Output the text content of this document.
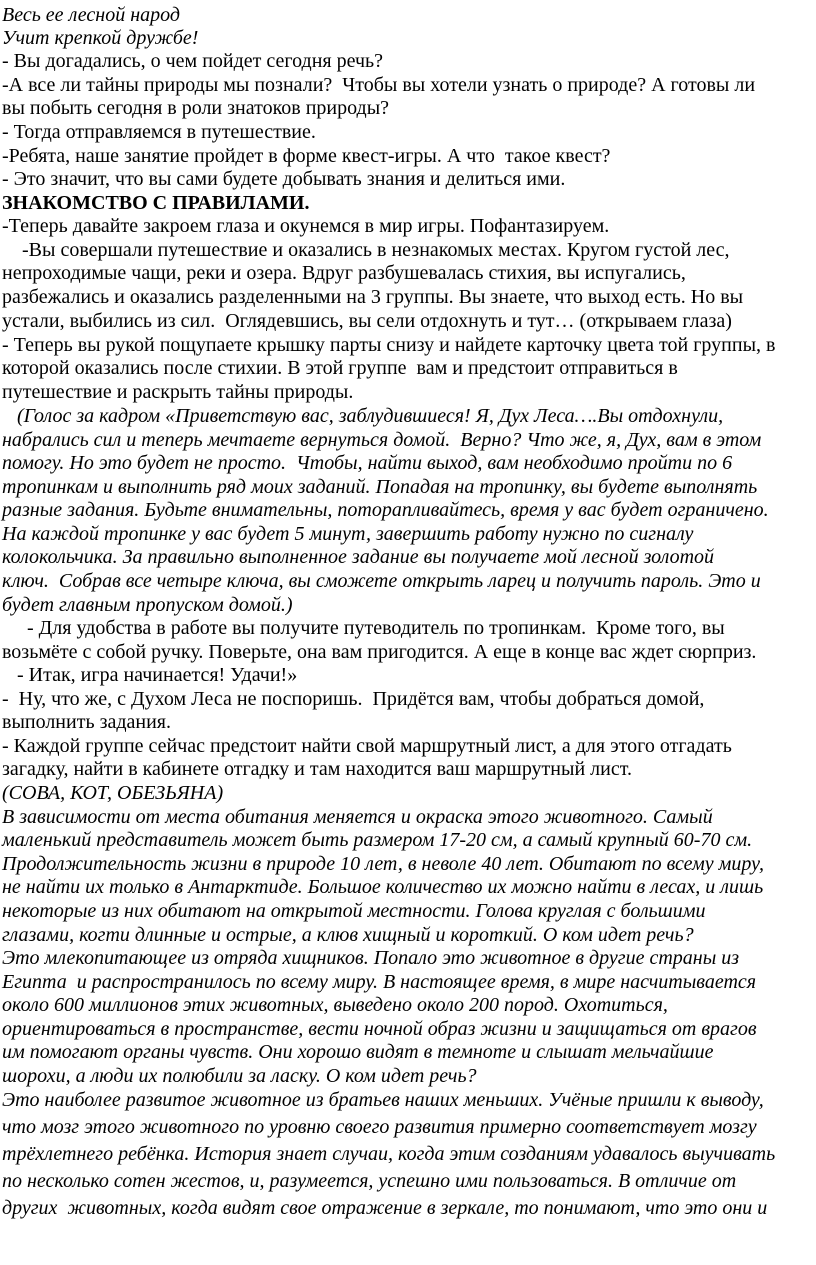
Весь ее лесной народ
Учит крепкой дружбе!
- Вы догадались, о чем пойдет сегодня речь?
-А все ли тайны природы мы познали?  Чтобы вы хотели узнать о природе? А готовы ли
вы побыть сегодня в роли знатоков природы?
- Тогда отправляемся в путешествие.
-Ребята, наше занятие пройдет в форме квест-игры. А что  такое квест?
- Это значит, что вы сами будете добывать знания и делиться ими.
ЗНАКОМСТВО С ПРАВИЛАМИ.
-Теперь давайте закроем глаза и окунемся в мир игры. Пофантазируем.
-Вы совершали путешествие и оказались в незнакомых местах. Кругом густой лес,
непроходимые чащи, реки и озера. Вдруг разбушевалась стихия, вы испугались,
разбежались и оказались разделенными на 3 группы. Вы знаете, что выход есть. Но вы
устали, выбились из сил.  Оглядевшись, вы сели отдохнуть и тут… (открываем глаза)
- Теперь вы рукой пощупаете крышку парты снизу и найдете карточку цвета той группы, в
которой оказались после стихии. В этой группе  вам и предстоит отправиться в
путешествие и раскрыть тайны природы.
(Голос за кадром «Приветствую вас, заблудившиеся! Я, Дух Леса….Вы отдохнули,
набрались сил и теперь мечтаете вернуться домой.  Верно? Что же, я, Дух, вам в этом
помогу. Но это будет не просто.  Чтобы, найти выход, вам необходимо пройти по 6
тропинкам и выполнить ряд моих заданий. Попадая на тропинку, вы будете выполнять
разные задания. Будьте внимательны, поторапливайтесь, время у вас будет ограничено.
На каждой тропинке у вас будет 5 минут, завершить работу нужно по сигналу
колокольчика. За правильно выполненное задание вы получаете мой лесной золотой
ключ.  Собрав все четыре ключа, вы сможете открыть ларец и получить пароль. Это и
будет главным пропуском домой.)
- Для удобства в работе вы получите путеводитель по тропинкам.  Кроме того, вы
возьмёте с собой ручку. Поверьте, она вам пригодится. А еще в конце вас ждет сюрприз.
- Итак, игра начинается! Удачи!»
-  Ну, что же, с Духом Леса не поспоришь.  Придётся вам, чтобы добраться домой,
выполнить задания.
- Каждой группе сейчас предстоит найти свой маршрутный лист, а для этого отгадать
загадку, найти в кабинете отгадку и там находится ваш маршрутный лист.
(СОВА, КОТ, ОБЕЗЬЯНА)
В зависимости от места обитания меняется и окраска этого животного. Самый
маленький представитель может быть размером 17-20 см, а самый крупный 60-70 см.
Продолжительность жизни в природе 10 лет, в неволе 40 лет. Обитают по всему миру,
не найти их только в Антарктиде. Большое количество их можно найти в лесах, и лишь
некоторые из них обитают на открытой местности. Голова круглая с большими
глазами, когти длинные и острые, а клюв хищный и короткий. О ком идет речь?
Это млекопитающее из отряда хищников. Попало это животное в другие страны из
Египта  и распространилось по всему миру. В настоящее время, в мире насчитывается
около 600 миллионов этих животных, выведено около 200 пород. Охотиться,
ориентироваться в пространстве, вести ночной образ жизни и защищаться от врагов
им помогают органы чувств. Они хорошо видят в темноте и слышат мельчайшие
шорохи, а люди их полюбили за ласку. О ком идет речь?
Это наиболее развитое животное из братьев наших меньших. Учёные пришли к выводу,
что мозг этого животного по уровню своего развития примерно соответствует мозгу
трёхлетнего ребёнка. История знает случаи, когда этим созданиям удавалось выучивать
по несколько сотен жестов, и, разумеется, успешно ими пользоваться. В отличие от
других  животных, когда видят свое отражение в зеркале, то понимают, что это они и
